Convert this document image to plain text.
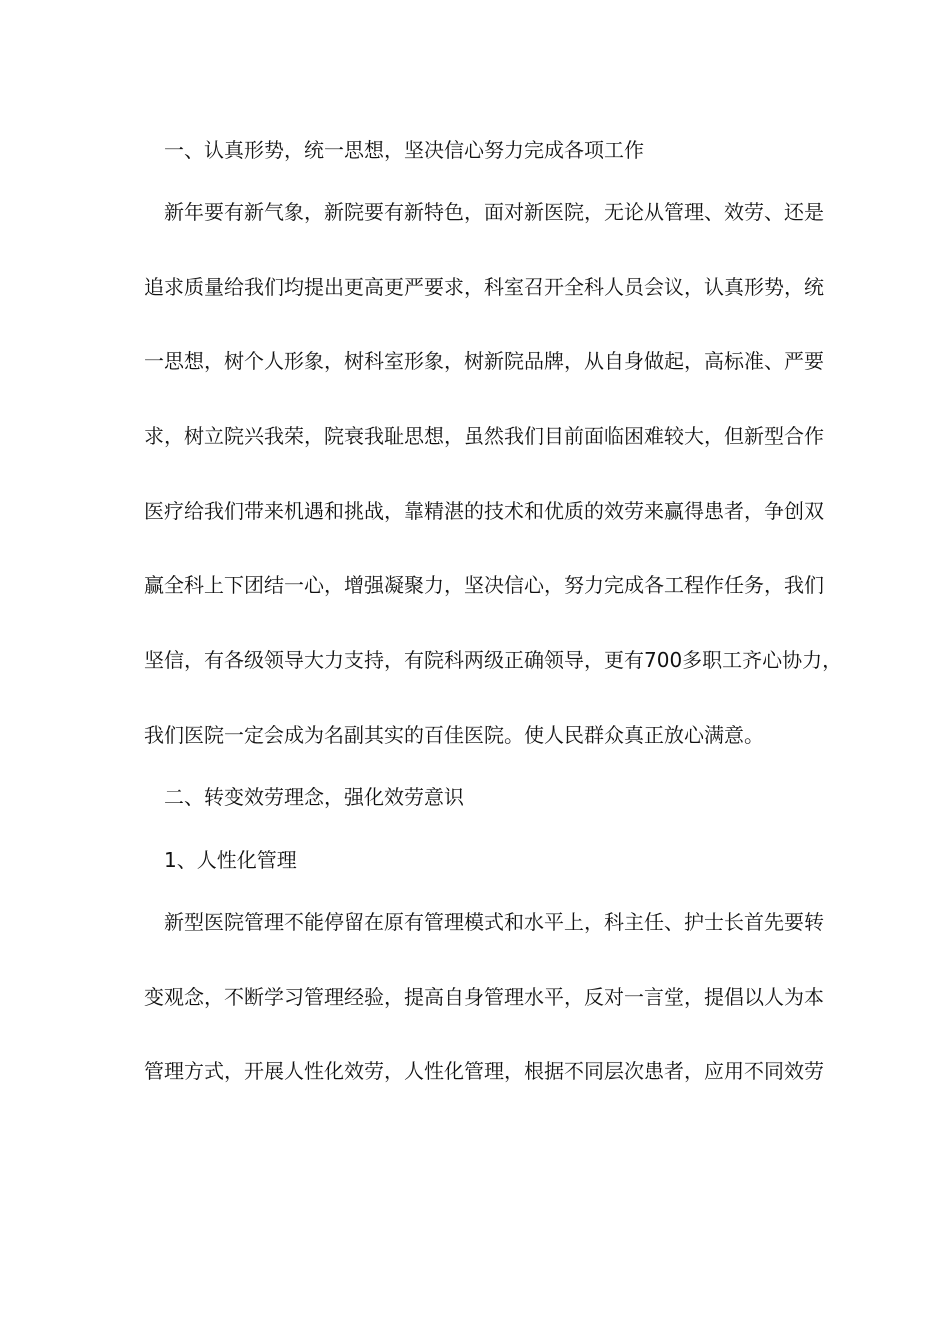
一、认真形势，统一思想，坚决信心努力完成各项工作
新年要有新气象，新院要有新特色，面对新医院，无论从管理、效劳、还是
追求质量给我们均提出更高更严要求，科室召开全科人员会议，认真形势，统
一思想，树个人形象，树科室形象，树新院品牌，从自身做起，高标准、严要
求，树立院兴我荣，院衰我耻思想，虽然我们目前面临困难较大，但新型合作
医疗给我们带来机遇和挑战，靠精湛的技术和优质的效劳来赢得患者，争创双
赢全科上下团结一心，增强凝聚力，坚决信心，努力完成各工程作任务，我们
坚信，有各级领导大力支持，有院科两级正确领导，更有700多职工齐心协力，
我们医院一定会成为名副其实的百佳医院。使人民群众真正放心满意。
二、转变效劳理念，强化效劳意识
1、人性化管理
新型医院管理不能停留在原有管理模式和水平上，科主任、护士长首先要转
变观念，不断学习管理经验，提高自身管理水平，反对一言堂，提倡以人为本
管理方式，开展人性化效劳，人性化管理，根据不同层次患者，应用不同效劳
